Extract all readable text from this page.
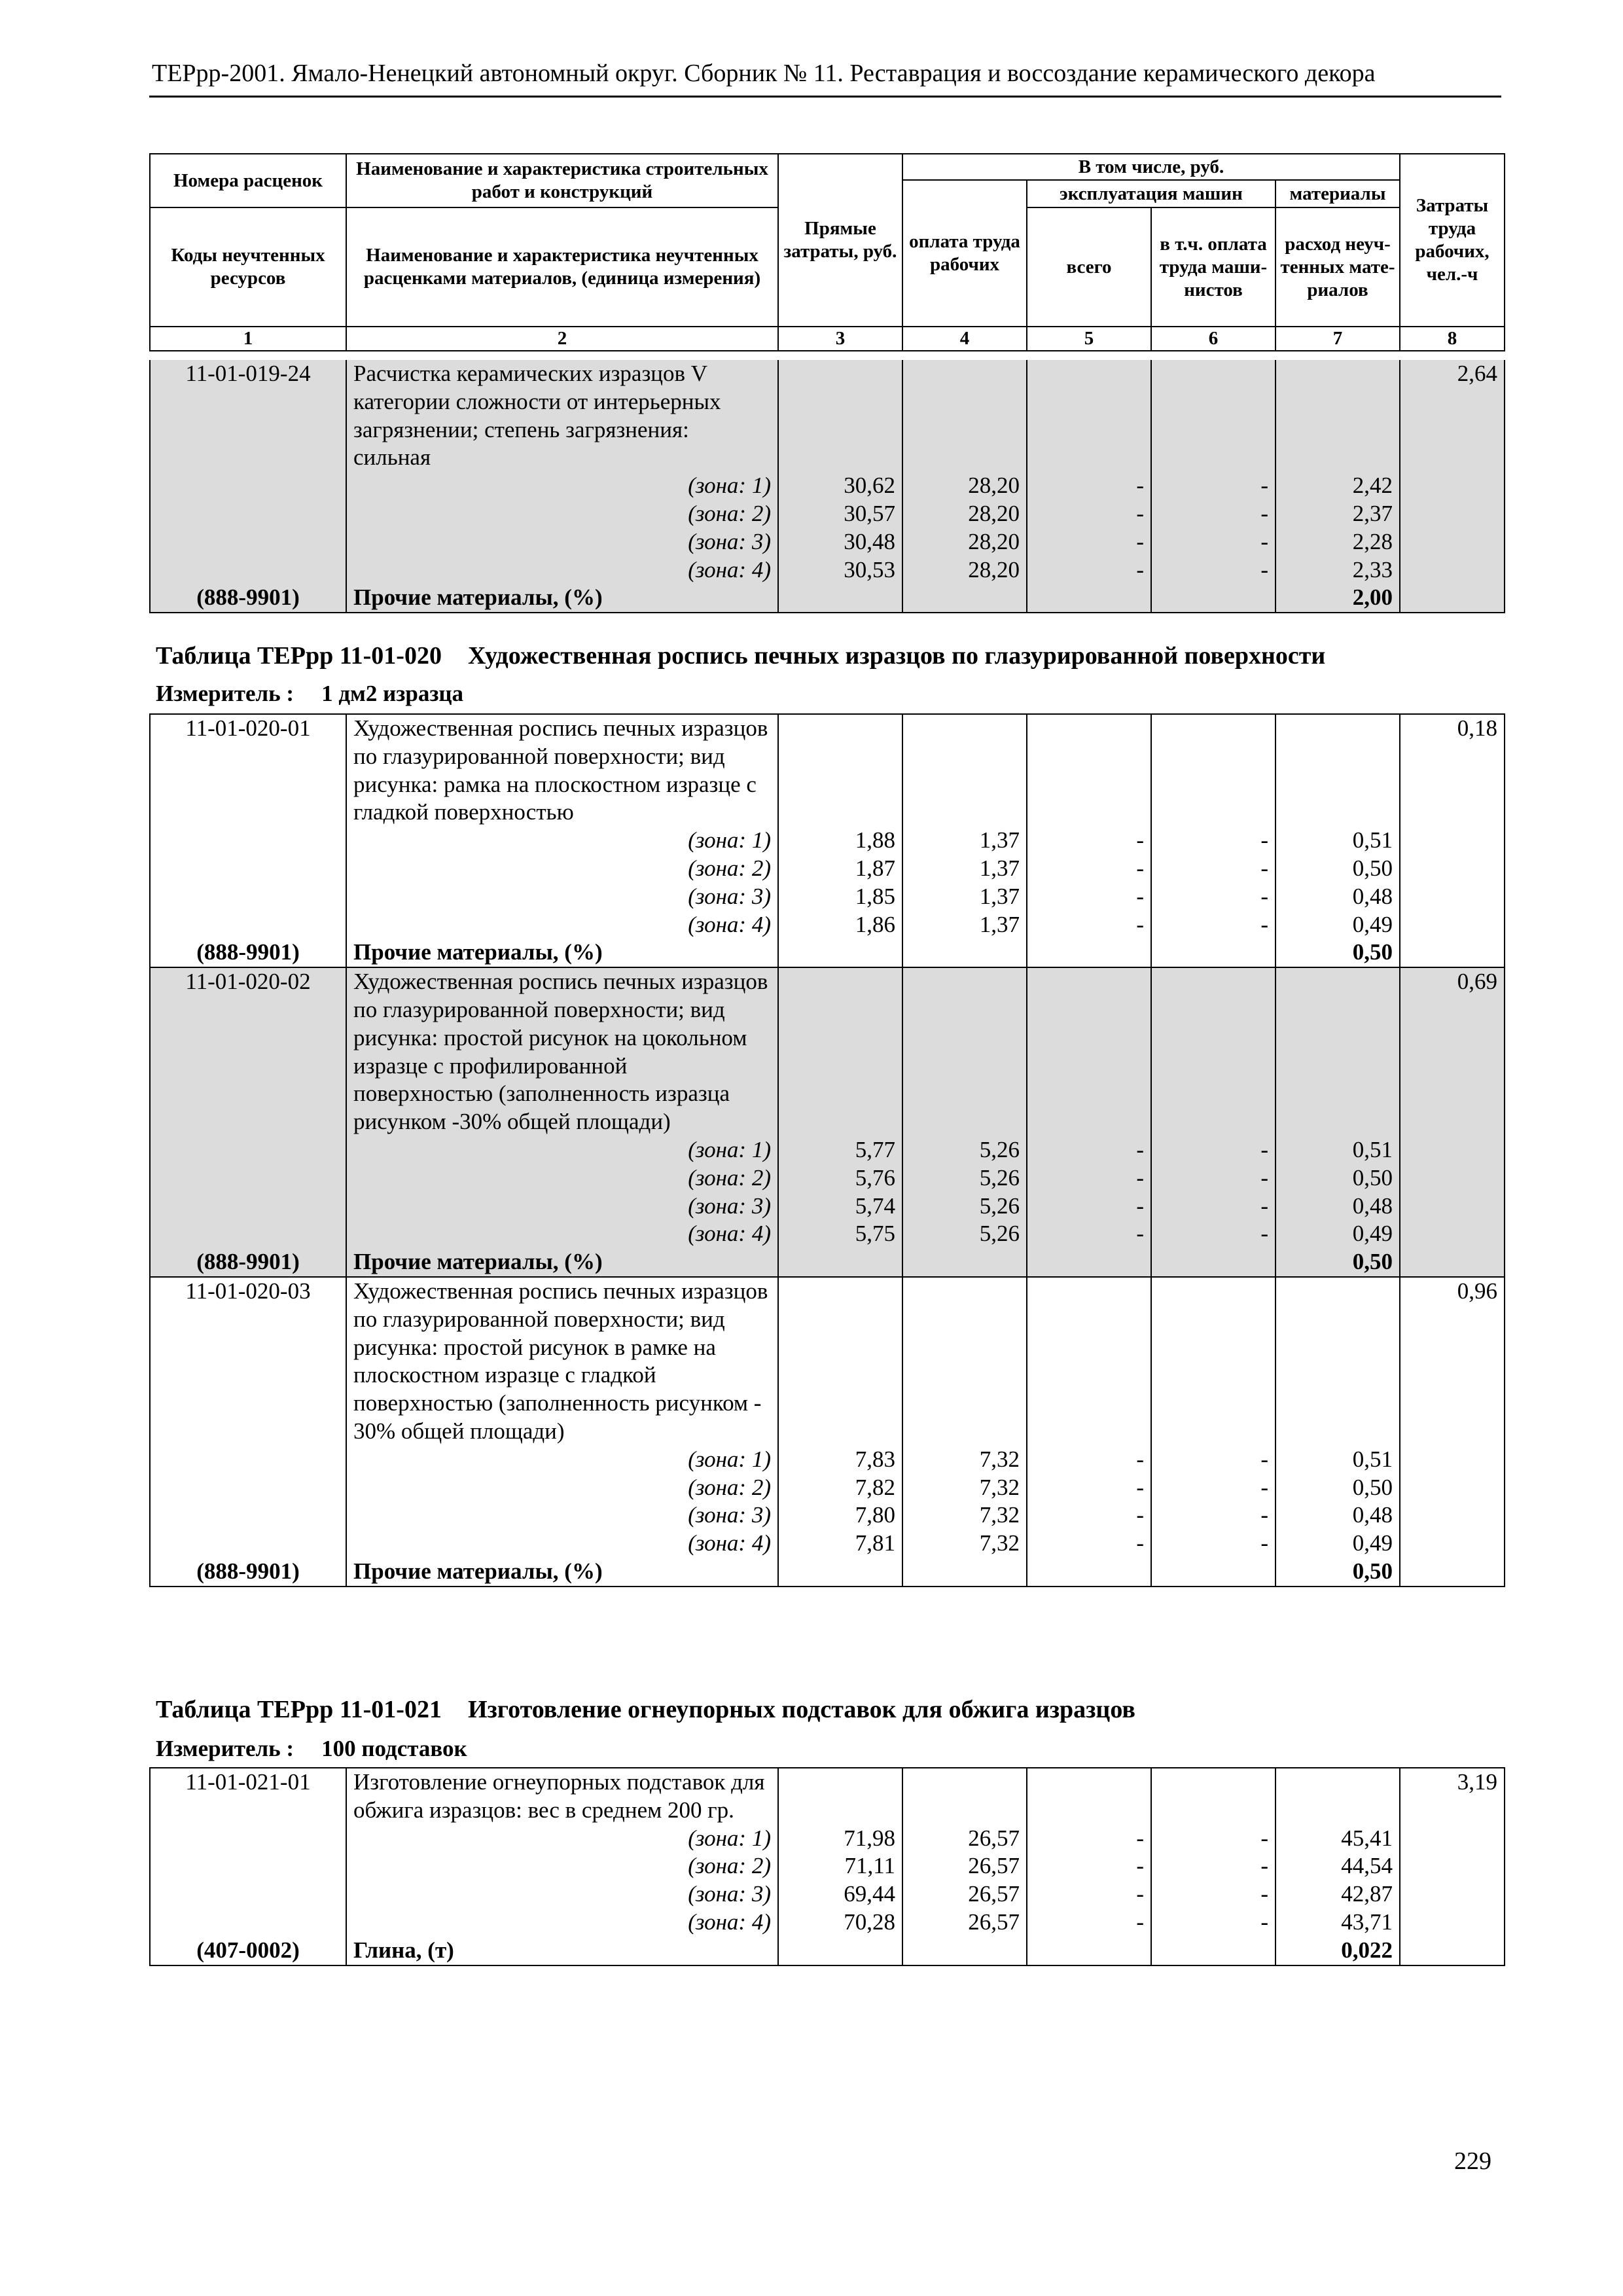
ТЕРрр-2001. Ямало-Ненецкий автономный округ. Сборник № 11. Реставрация и воссоздание керамического декора
Номера расценок	Наименование и характеристика строительных работ и конструкций	Прямые затраты, руб.	В том числе, руб.				Затраты труда рабочих, чел.-ч
			оплата труда рабочих	эксплуатация машин		материалы	
Коды неучтенных ресурсов	Наименование и характеристика неучтенных расценками материалов, (единица измерения)			всего	в т.ч. оплата труда маши-нистов	расход неуч-тенных мате-риалов	

1	2	3	4	5	6	7	8
11-01-019-24	Расчистка керамических изразцов V категории сложности от интерьерных загрязнении; степень загрязнения: сильная						2,64
	(зона: 1)	30,62	28,20	-	-	2,42	
	(зона: 2)	30,57	28,20	-	-	2,37	
	(зона: 3)	30,48	28,20	-	-	2,28	
	(зона: 4)	30,53	28,20	-	-	2,33	
(888-9901)	Прочие материалы, (%)					2,00	
Таблица ТЕРрр 11-01-020 Художественная роспись печных изразцов по глазурированной поверхности
Измеритель : 1 дм2 изразца
11-01-020-01	Художественная роспись печных изразцов по глазурированной поверхности; вид рисунка: рамка на плоскостном изразце с гладкой поверхностью						0,18
	(зона: 1)	1,88	1,37	-	-	0,51	
	(зона: 2)	1,87	1,37	-	-	0,50	
	(зона: 3)	1,85	1,37	-	-	0,48	
	(зона: 4)	1,86	1,37	-	-	0,49	
(888-9901)	Прочие материалы, (%)					0,50	
11-01-020-02	Художественная роспись печных изразцов по глазурированной поверхности; вид рисунка: простой рисунок на цокольном изразце с профилированной поверхностью (заполненность изразца рисунком -30% общей площади)						0,69
	(зона: 1)	5,77	5,26	-	-	0,51	
	(зона: 2)	5,76	5,26	-	-	0,50	
	(зона: 3)	5,74	5,26	-	-	0,48	
	(зона: 4)	5,75	5,26	-	-	0,49	
(888-9901)	Прочие материалы, (%)					0,50	
11-01-020-03	Художественная роспись печных изразцов по глазурированной поверхности; вид рисунка: простой рисунок в рамке на плоскостном изразце с гладкой поверхностью (заполненность рисунком - 30% общей площади)						0,96
	(зона: 1)	7,83	7,32	-	-	0,51	
	(зона: 2)	7,82	7,32	-	-	0,50	
	(зона: 3)	7,80	7,32	-	-	0,48	
	(зона: 4)	7,81	7,32	-	-	0,49	
(888-9901)	Прочие материалы, (%)					0,50	
Таблица ТЕРрр 11-01-021 Изготовление огнеупорных подставок для обжига изразцов
Измеритель : 100 подставок
11-01-021-01	Изготовление огнеупорных подставок для обжига изразцов: вес в среднем 200 гр.						3,19
	(зона: 1)	71,98	26,57	-	-	45,41	
	(зона: 2)	71,11	26,57	-	-	44,54	
	(зона: 3)	69,44	26,57	-	-	42,87	
	(зона: 4)	70,28	26,57	-	-	43,71	
(407-0002)	Глина, (т)					0,022	
229
